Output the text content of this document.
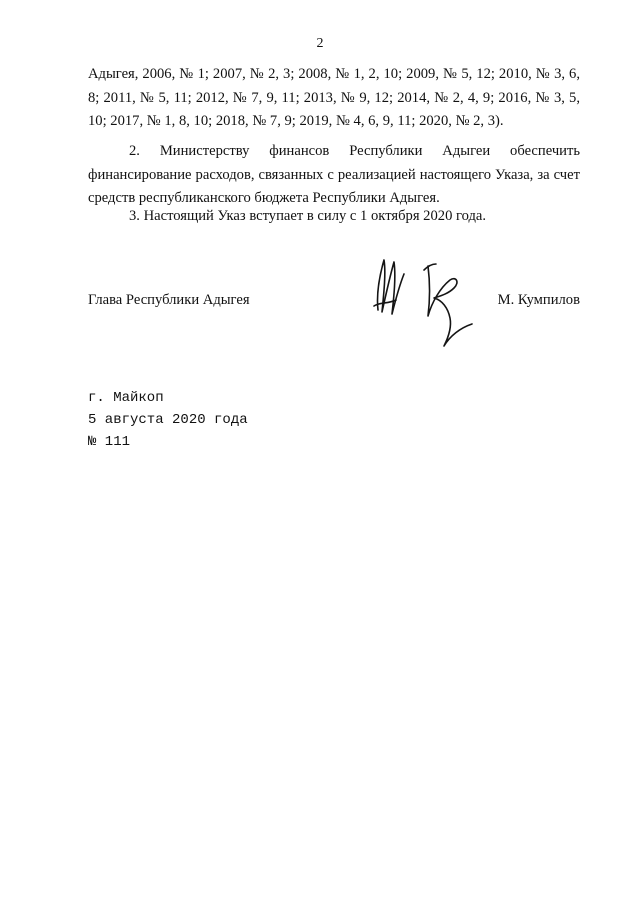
2

Адыгея, 2006, № 1; 2007, № 2, 3; 2008, № 1, 2, 10; 2009, № 5, 12; 2010, № 3, 6, 8; 2011, № 5, 11; 2012, № 7, 9, 11; 2013, № 9, 12; 2014, № 2, 4, 9; 2016, № 3, 5, 10; 2017, № 1, 8, 10; 2018, № 7, 9; 2019, № 4, 6, 9, 11; 2020, № 2, 3).

2. Министерству финансов Республики Адыгеи обеспечить финансирование расходов, связанных с реализацией настоящего Указа, за счет средств республиканского бюджета Республики Адыгея.

3. Настоящий Указ вступает в силу с 1 октября 2020 года.

Глава Республики Адыгея	М. Кумпилов
г. Майкоп
5 августа 2020 года
№ 111
